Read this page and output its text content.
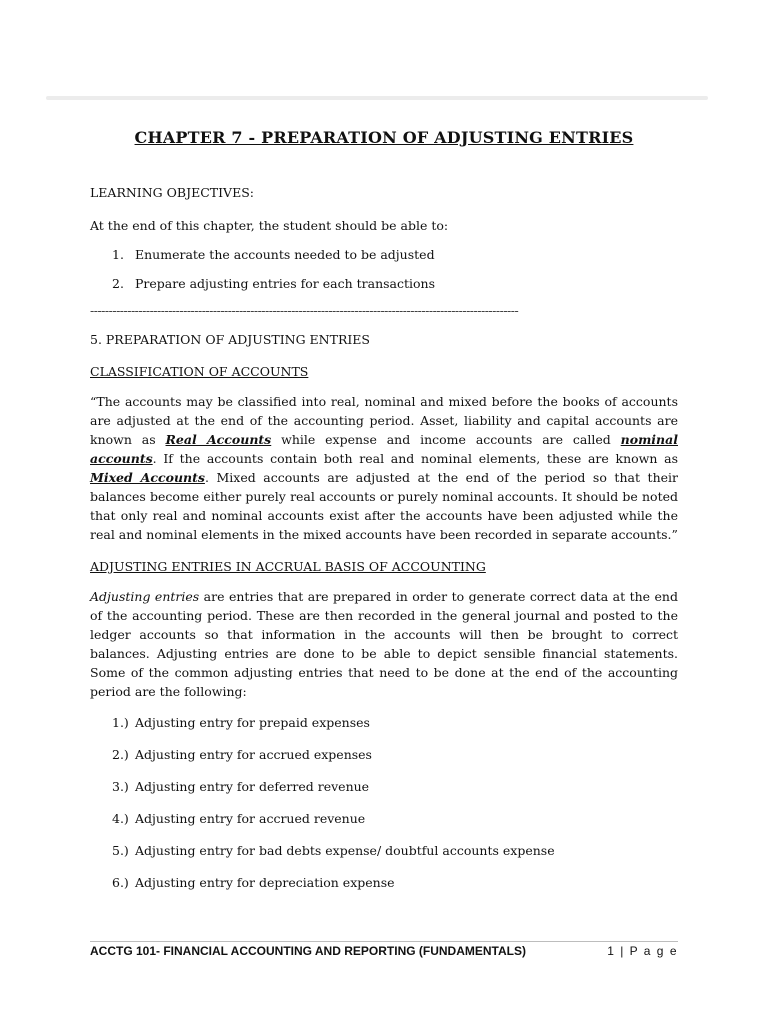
CHAPTER 7 - PREPARATION OF ADJUSTING ENTRIES

LEARNING OBJECTIVES:

At the end of this chapter, the student should be able to:

1. Enumerate the accounts needed to be adjusted
2. Prepare adjusting entries for each transactions
-------------------------------------------------------------------------------------------------------------------

5. PREPARATION OF ADJUSTING ENTRIES

CLASSIFICATION OF ACCOUNTS

“The accounts may be classified into real, nominal and mixed before the books of accounts are adjusted at the end of the accounting period. Asset, liability and capital accounts are known as Real Accounts while expense and income accounts are called nominal accounts. If the accounts contain both real and nominal elements, these are known as Mixed Accounts. Mixed accounts are adjusted at the end of the period so that their balances become either purely real accounts or purely nominal accounts. It should be noted that only real and nominal accounts exist after the accounts have been adjusted while the real and nominal elements in the mixed accounts have been recorded in separate accounts.”

ADJUSTING ENTRIES IN ACCRUAL BASIS OF ACCOUNTING

Adjusting entries are entries that are prepared in order to generate correct data at the end of the accounting period. These are then recorded in the general journal and posted to the ledger accounts so that information in the accounts will then be brought to correct balances. Adjusting entries are done to be able to depict sensible financial statements. Some of the common adjusting entries that need to be done at the end of the accounting period are the following:

1.) Adjusting entry for prepaid expenses
2.) Adjusting entry for accrued expenses
3.) Adjusting entry for deferred revenue
4.) Adjusting entry for accrued revenue
5.) Adjusting entry for bad debts expense/ doubtful accounts expense
6.) Adjusting entry for depreciation expense
ACCTG 101- FINANCIAL ACCOUNTING AND REPORTING (FUNDAMENTALS)	1 | P a g e
